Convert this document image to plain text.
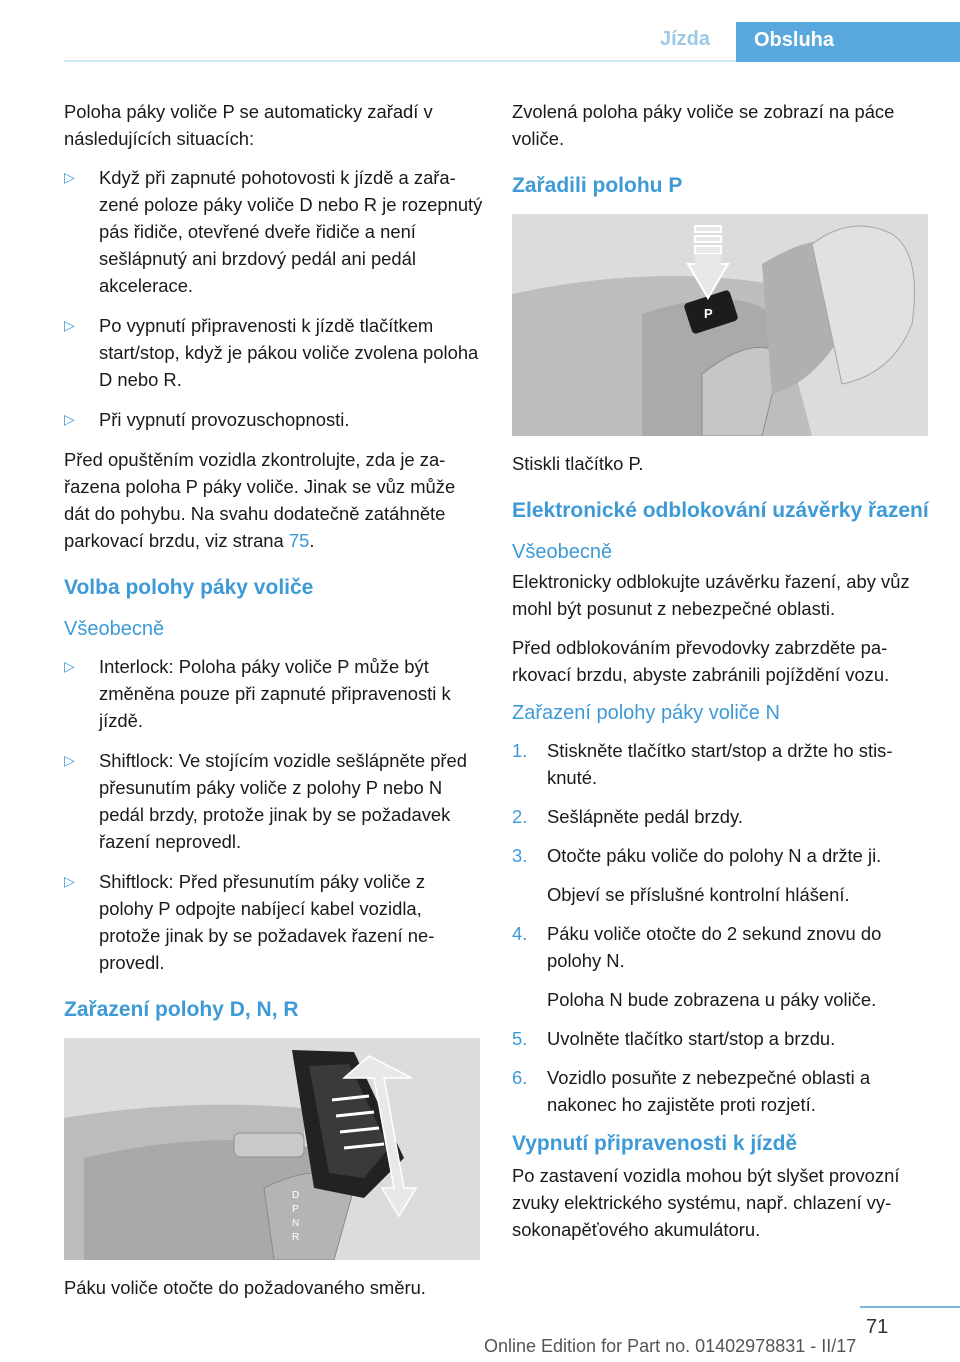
Jízda	Obsluha

Poloha páky voliče P se automaticky zařadí v následujících situacích:

▷ Když při zapnuté pohotovosti k jízdě a zařazené poloze páky voliče D nebo R je rozepnutý pás řidiče, otevřené dveře řidiče a není sešlápnutý ani brzdový pedál ani pedál akcelerace.
▷ Po vypnutí připravenosti k jízdě tlačítkem start/stop, když je pákou voliče zvolena poloha D nebo R.
▷ Při vypnutí provozuschopnosti.

Před opuštěním vozidla zkontrolujte, zda je zařazena poloha P páky voliče. Jinak se vůz může dát do pohybu. Na svahu dodatečně zatáhněte parkovací brzdu, viz strana 75.

Volba polohy páky voliče
Všeobecně
▷ Interlock: Poloha páky voliče P může být změněna pouze při zapnuté připravenosti k jízdě.
▷ Shiftlock: Ve stojícím vozidle sešlápněte před přesunutím páky voliče z polohy P nebo N pedál brzdy, protože jinak by se požadavek řazení neprovedl.
▷ Shiftlock: Před přesunutím páky voliče z polohy P odpojte nabíjecí kabel vozidla, protože jinak by se požadavek řazení neprovedl.
Zařazení polohy D, N, R
D
P
N
R

Páku voliče otočte do požadovaného směru.

Zvolená poloha páky voliče se zobrazí na páce voliče.

Zařadili polohu P
P

Stiskli tlačítko P.

Elektronické odblokování uzávěrky řazení
Všeobecně

Elektronicky odblokujte uzávěrku řazení, aby vůz mohl být posunut z nebezpečné oblasti.

Před odblokováním převodovky zabrzděte parkovací brzdu, abyste zabránili pojíždění vozu.

Zařazení polohy páky voliče N
1. Stiskněte tlačítko start/stop a držte ho stisknuté.
2. Sešlápněte pedál brzdy.
3. Otočte páku voliče do polohy N a držte ji.
Objeví se příslušné kontrolní hlášení.
4. Páku voliče otočte do 2 sekund znovu do polohy N.
Poloha N bude zobrazena u páky voliče.
5. Uvolněte tlačítko start/stop a brzdu.
6. Vozidlo posuňte z nebezpečné oblasti a nakonec ho zajistěte proti rozjetí.
Vypnutí připravenosti k jízdě

Po zastavení vozidla mohou být slyšet provozní zvuky elektrického systému, např. chlazení vysokonapěťového akumulátoru.

71
Online Edition for Part no. 01402978831 - II/17
